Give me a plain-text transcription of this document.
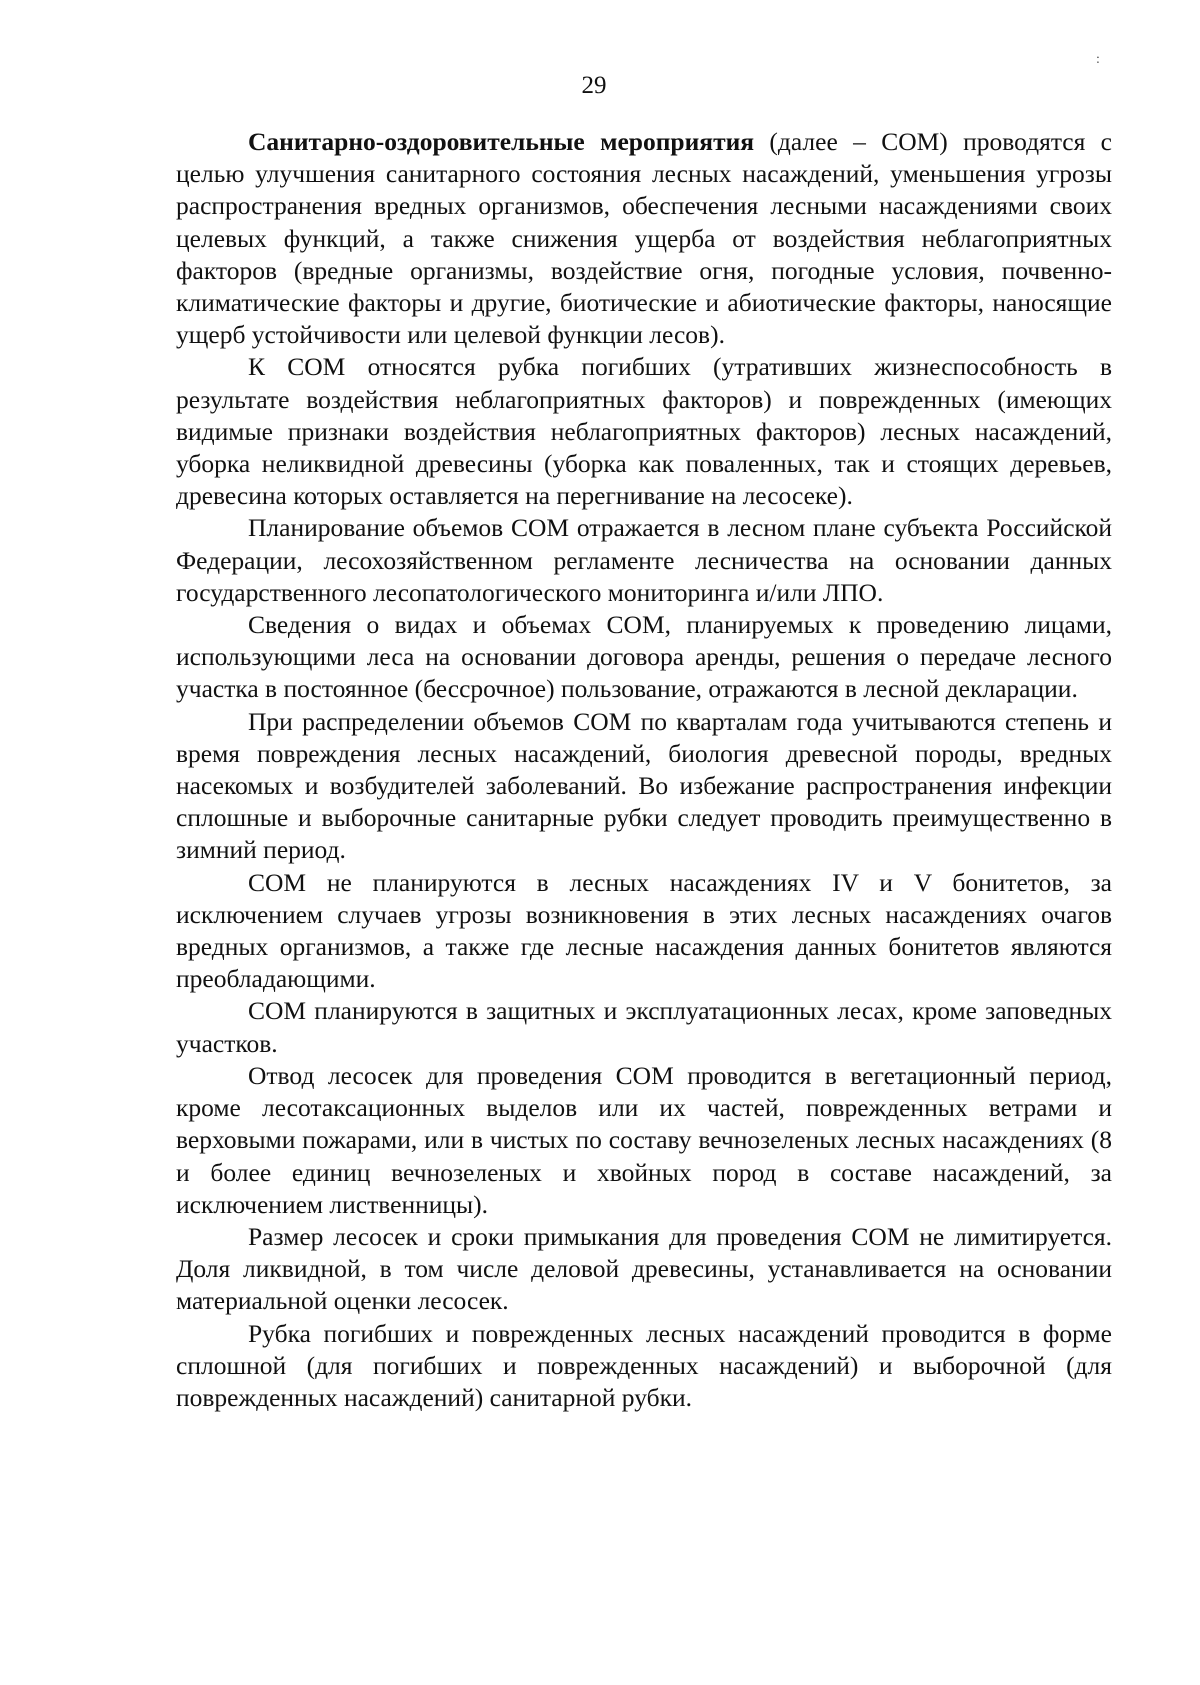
:
29

Санитарно-оздоровительные мероприятия (далее – СОМ) проводятся с целью улучшения санитарного состояния лесных насаждений, уменьшения угрозы распространения вредных организмов, обеспечения лесными насаждениями своих целевых функций, а также снижения ущерба от воздействия неблагоприятных факторов (вредные организмы, воздействие огня, погодные условия, почвенно-климатические факторы и другие, биотические и абиотические факторы, наносящие ущерб устойчивости или целевой функции лесов).

К СОМ относятся рубка погибших (утративших жизнеспособность в результате воздействия неблагоприятных факторов) и поврежденных (имеющих видимые признаки воздействия неблагоприятных факторов) лесных насаждений, уборка неликвидной древесины (уборка как поваленных, так и стоящих деревьев, древесина которых оставляется на перегнивание на лесосеке).

Планирование объемов СОМ отражается в лесном плане субъекта Российской Федерации, лесохозяйственном регламенте лесничества на основании данных государственного лесопатологического мониторинга и/или ЛПО.

Сведения о видах и объемах СОМ, планируемых к проведению лицами, использующими леса на основании договора аренды, решения о передаче лесного участка в постоянное (бессрочное) пользование, отражаются в лесной декларации.

При распределении объемов СОМ по кварталам года учитываются степень и время повреждения лесных насаждений, биология древесной породы, вредных насекомых и возбудителей заболеваний. Во избежание распространения инфекции сплошные и выборочные санитарные рубки следует проводить преимущественно в зимний период.

СОМ не планируются в лесных насаждениях IV и V бонитетов, за исключением случаев угрозы возникновения в этих лесных насаждениях очагов вредных организмов, а также где лесные насаждения данных бонитетов являются преобладающими.

СОМ планируются в защитных и эксплуатационных лесах, кроме заповедных участков.

Отвод лесосек для проведения СОМ проводится в вегетационный период, кроме лесотаксационных выделов или их частей, поврежденных ветрами и верховыми пожарами, или в чистых по составу вечнозеленых лесных насаждениях (8 и более единиц вечнозеленых и хвойных пород в составе насаждений, за исключением лиственницы).

Размер лесосек и сроки примыкания для проведения СОМ не лимитируется. Доля ликвидной, в том числе деловой древесины, устанавливается на основании материальной оценки лесосек.

Рубка погибших и поврежденных лесных насаждений проводится в форме сплошной (для погибших и поврежденных насаждений) и выборочной (для поврежденных насаждений) санитарной рубки.
